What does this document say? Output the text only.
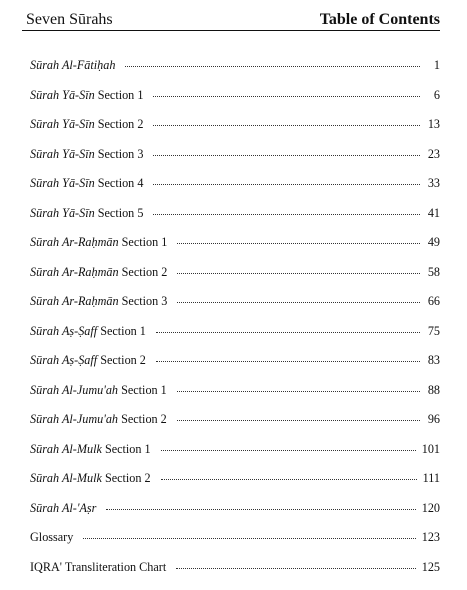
Seven Sūrahs	Table of Contents
Sūrah Al-Fātiḥah	1
Sūrah Yā-Sīn Section 1	6
Sūrah Yā-Sīn Section 2	13
Sūrah Yā-Sīn Section 3	23
Sūrah Yā-Sīn Section 4	33
Sūrah Yā-Sīn Section 5	41
Sūrah Ar-Raḥmān Section 1	49
Sūrah Ar-Raḥmān Section 2	58
Sūrah Ar-Raḥmān Section 3	66
Sūrah Aṣ-Ṣaff Section 1	75
Sūrah Aṣ-Ṣaff Section 2	83
Sūrah Al-Jumu'ah Section 1	88
Sūrah Al-Jumu'ah Section 2	96
Sūrah Al-Mulk Section 1	101
Sūrah Al-Mulk Section 2	111
Sūrah Al-'Aṣr	120
Glossary	123
IQRA' Transliteration Chart	125
